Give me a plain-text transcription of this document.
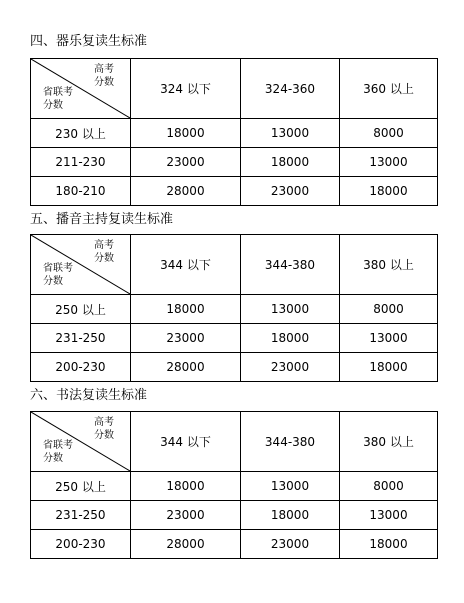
四、器乐复读生标准
高考
分数
省联考
分数	324 以下	324-360	360 以上
230 以上	18000	13000	8000
211-230	23000	18000	13000
180-210	28000	23000	18000
五、播音主持复读生标准
高考
分数
省联考
分数	344 以下	344-380	380 以上
250 以上	18000	13000	8000
231-250	23000	18000	13000
200-230	28000	23000	18000
六、书法复读生标准
高考
分数
省联考
分数	344 以下	344-380	380 以上
250 以上	18000	13000	8000
231-250	23000	18000	13000
200-230	28000	23000	18000
